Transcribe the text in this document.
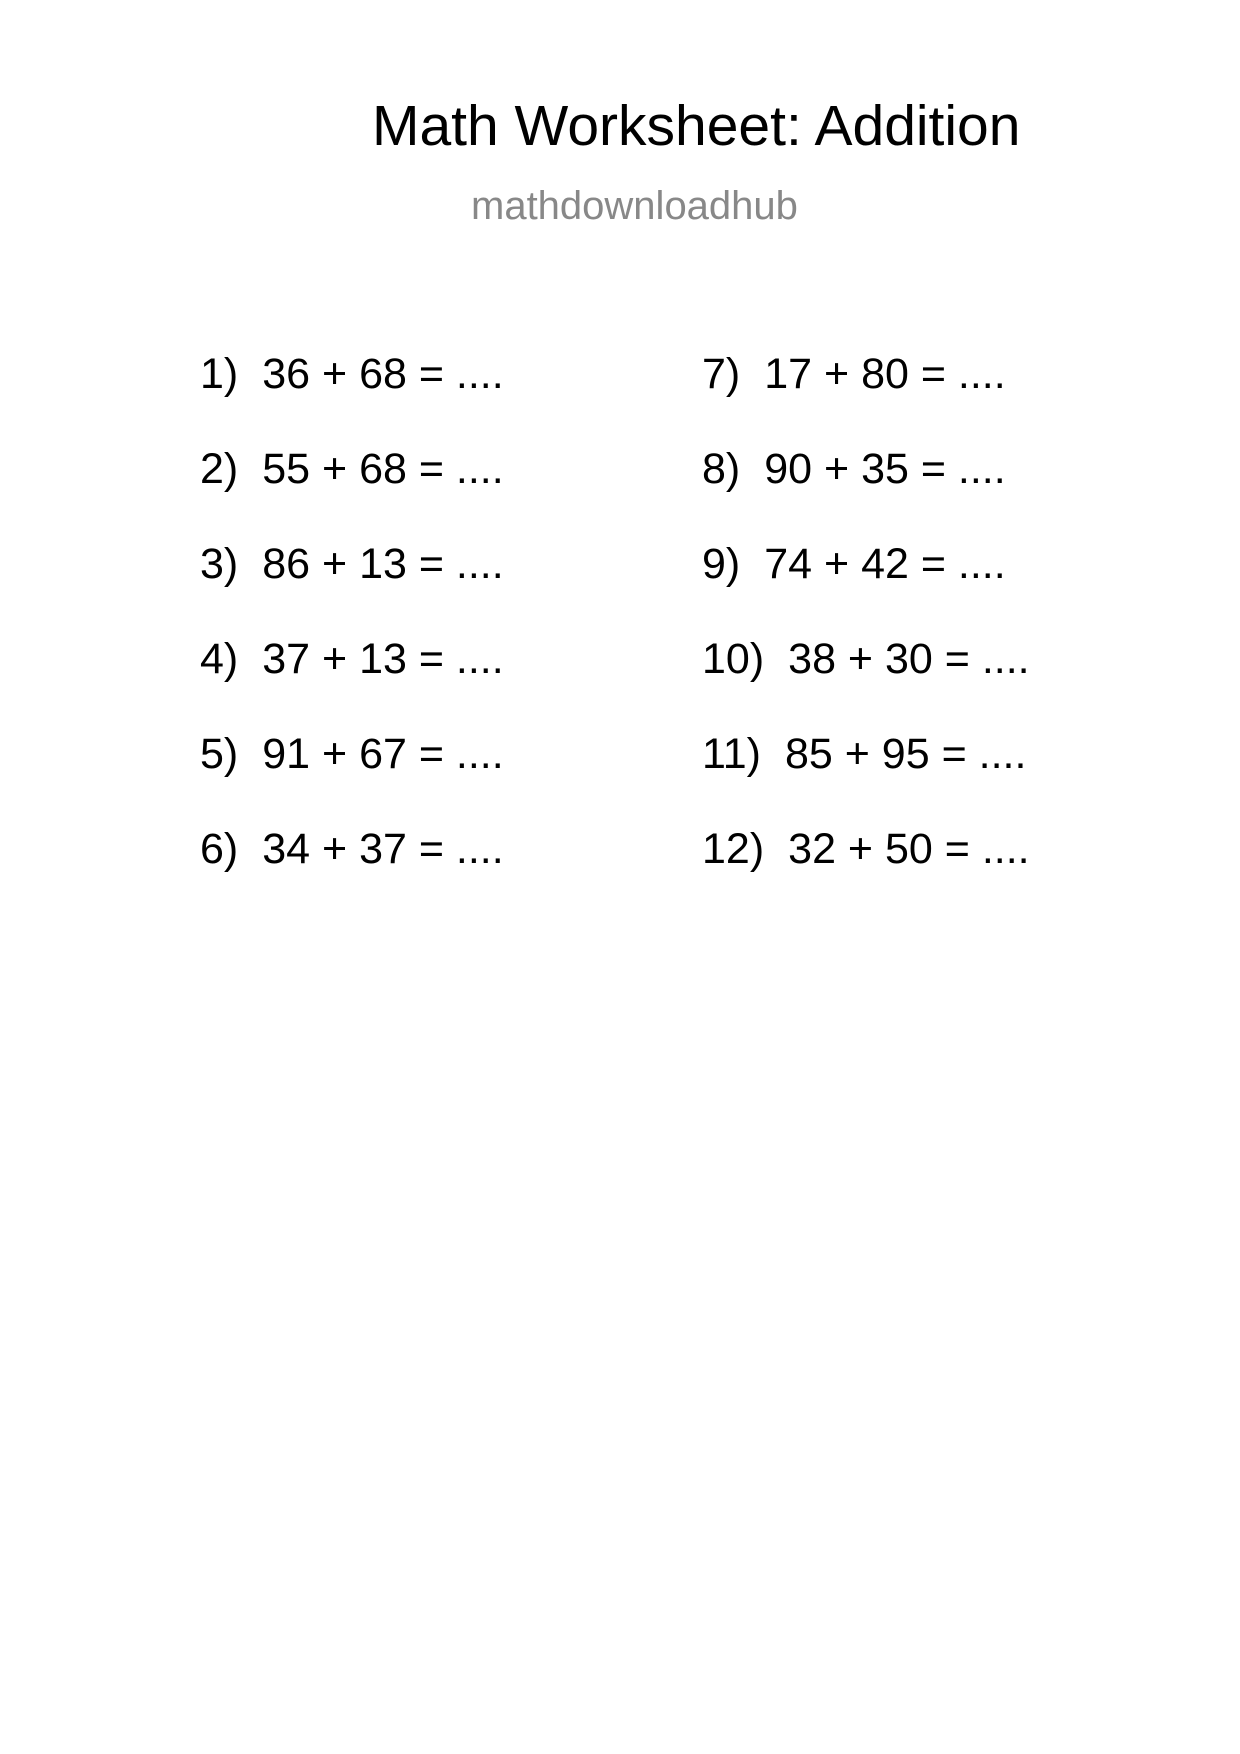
Math Worksheet: Addition
mathdownloadhub
1) 36 + 68 = ....
2) 55 + 68 = ....
3) 86 + 13 = ....
4) 37 + 13 = ....
5) 91 + 67 = ....
6) 34 + 37 = ....
7) 17 + 80 = ....
8) 90 + 35 = ....
9) 74 + 42 = ....
10) 38 + 30 = ....
11) 85 + 95 = ....
12) 32 + 50 = ....
